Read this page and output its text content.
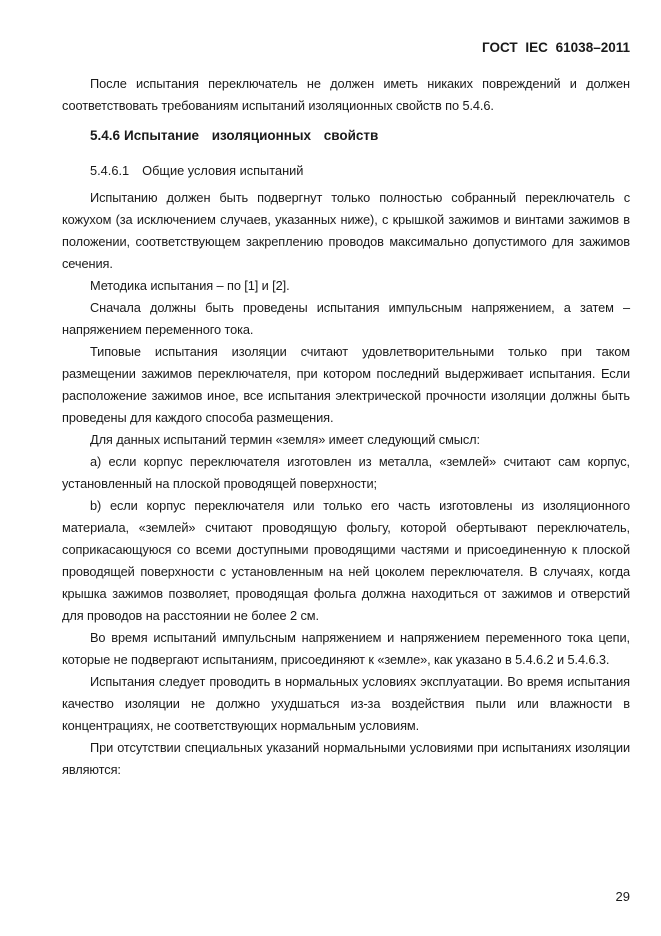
ГОСТ IEC 61038–2011

После испытания переключатель не должен иметь никаких повреждений и должен соответствовать требованиям испытаний изоляционных свойств по 5.4.6.

5.4.6 Испытание изоляционных свойств
5.4.6.1 Общие условия испытаний

Испытанию должен быть подвергнут только полностью собранный переключатель с кожухом (за исключением случаев, указанных ниже), с крышкой зажимов и винтами зажимов в положении, соответствующем закреплению проводов максимально допустимого для зажимов сечения.

Методика испытания – по [1] и [2].

Сначала должны быть проведены испытания импульсным напряжением, а затем – напряжением переменного тока.

Типовые испытания изоляции считают удовлетворительными только при таком размещении зажимов переключателя, при котором последний выдерживает испытания. Если расположение зажимов иное, все испытания электрической прочности изоляции должны быть проведены для каждого способа размещения.

Для данных испытаний термин «земля» имеет следующий смысл:

a) если корпус переключателя изготовлен из металла, «землей» считают сам корпус, установленный на плоской проводящей поверхности;

b) если корпус переключателя или только его часть изготовлены из изоляционного материала, «землей» считают проводящую фольгу, которой обертывают переключатель, соприкасающуюся со всеми доступными проводящими частями и присоединенную к плоской проводящей поверхности с установленным на ней цоколем переключателя. В случаях, когда крышка зажимов позволяет, проводящая фольга должна находиться от зажимов и отверстий для проводов на расстоянии не более 2 см.

Во время испытаний импульсным напряжением и напряжением переменного тока цепи, которые не подвергают испытаниям, присоединяют к «земле», как указано в 5.4.6.2 и 5.4.6.3.

Испытания следует проводить в нормальных условиях эксплуатации. Во время испытания качество изоляции не должно ухудшаться из-за воздействия пыли или влажности в концентрациях, не соответствующих нормальным условиям.

При отсутствии специальных указаний нормальными условиями при испытаниях изоляции являются:

29
